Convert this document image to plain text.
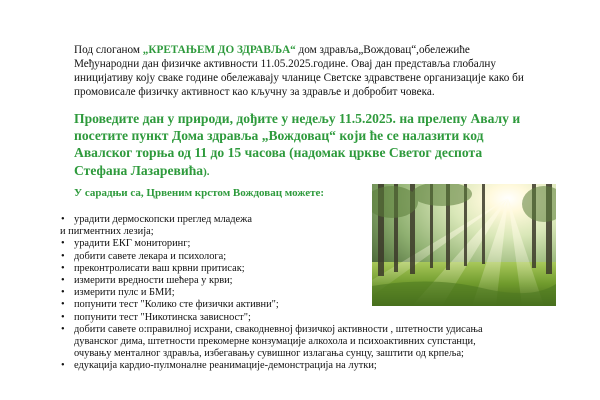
Под слоганом „КРЕТАЊЕМ ДО ЗДРАВЉА“ дом здравља„Вождовац“,обележиће Међународни дан физичке активности 11.05.2025.године. Овај дан представља глобалну иницијативу коју сваке године обележавају чланице Светске здравствене организације како би промовисале физичку активност као кључну за здравље и добробит човека.

Проведите дан у природи, дођите у недељу 11.5.2025. на прелепу Авалу и посетите пункт Дома здравља „Вождовац“ који ће се налазити код Авалског торња од 11 до 15 часова (надомак цркве Светог деспота Стефана Лазаревића).

У сарадњи са, Црвеним крстом Вождовац можете:

• урадити дермоскопски преглед младежа
и пигментних лезија;
• урадити ЕКГ мониторинг;
• добити савете лекара и психолога;
• преконтролисати ваш крвни притисак;
• измерити вредности шећера у крви;
• измерити пулс и БМИ;
• попунити тест "Колико сте физички активни";
• попунити тест "Никотинска зависност";
• добити савете о:правилној исхрани, свакодневној физичкој активности , штетности удисања дуванског дима, штетности прекомерне конзумације алкохола и психоактивних супстанци, очувању менталног здравља, избегавању сувишног излагања сунцу, заштити од крпеља;
• едукација кардио-пулмоналне реанимације-демонстрација на лутки;
